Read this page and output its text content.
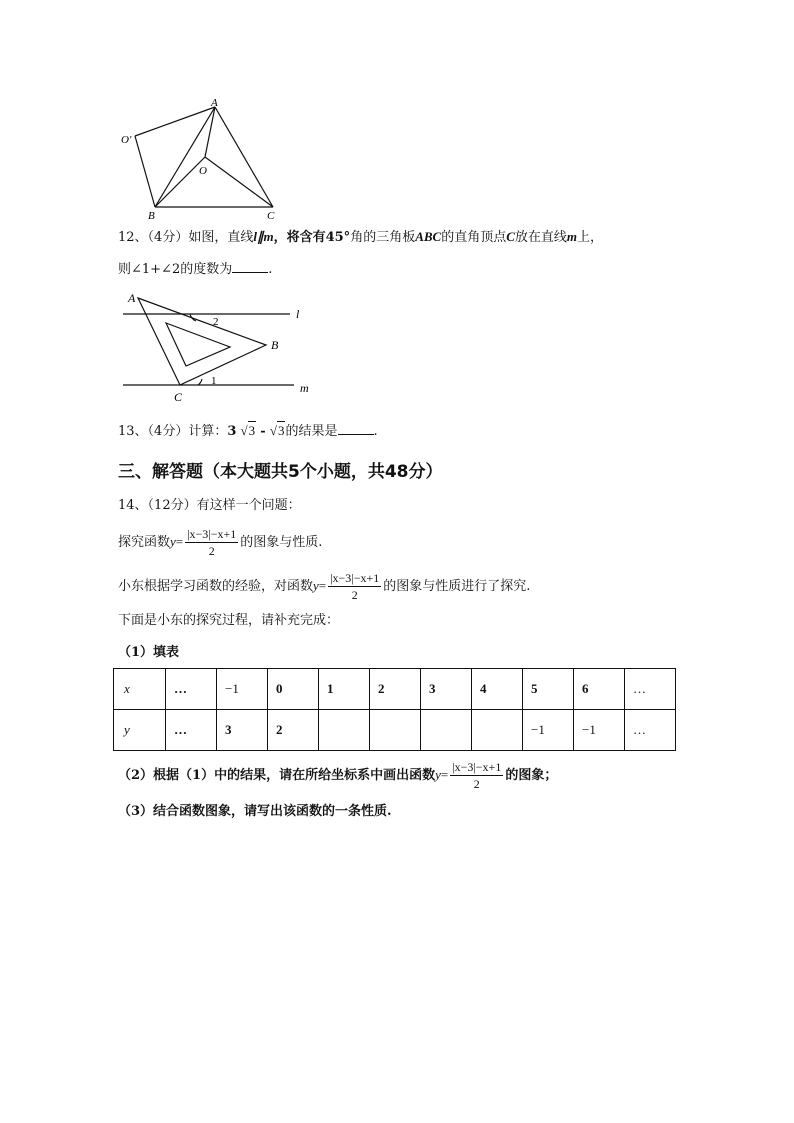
A
O′
O
B	C
12、（4分）如图，直线l∥m，将含有45°角的三角板ABC的直角顶点C放在直线m上，
则∠1+∠2的度数为	.
A
B
C
l
m
2
1
13、（4分）计算：3 √3 - √3的结果是	.
三、解答题（本大题共5个小题，共48分）
14、（12分）有这样一个问题：
探究函数$y= \frac{|x-3|-x+1}{2}$ 的图象与性质.
小东根据学习函数的经验，对函数$y= \frac{|x-3|-x+1}{2}$ 的图象与性质进行了探究.
下面是小东的探究过程，请补充完成：
（1）填表
x	…	−1	0	1	2	3	4	5	6	…
y	…	3	2					−1	−1	…
（2）根据（1）中的结果，请在所给坐标系中画出函数$y= \frac{|x-3|-x+1}{2}$ 的图象；
（3）结合函数图象，请写出该函数的一条性质.
